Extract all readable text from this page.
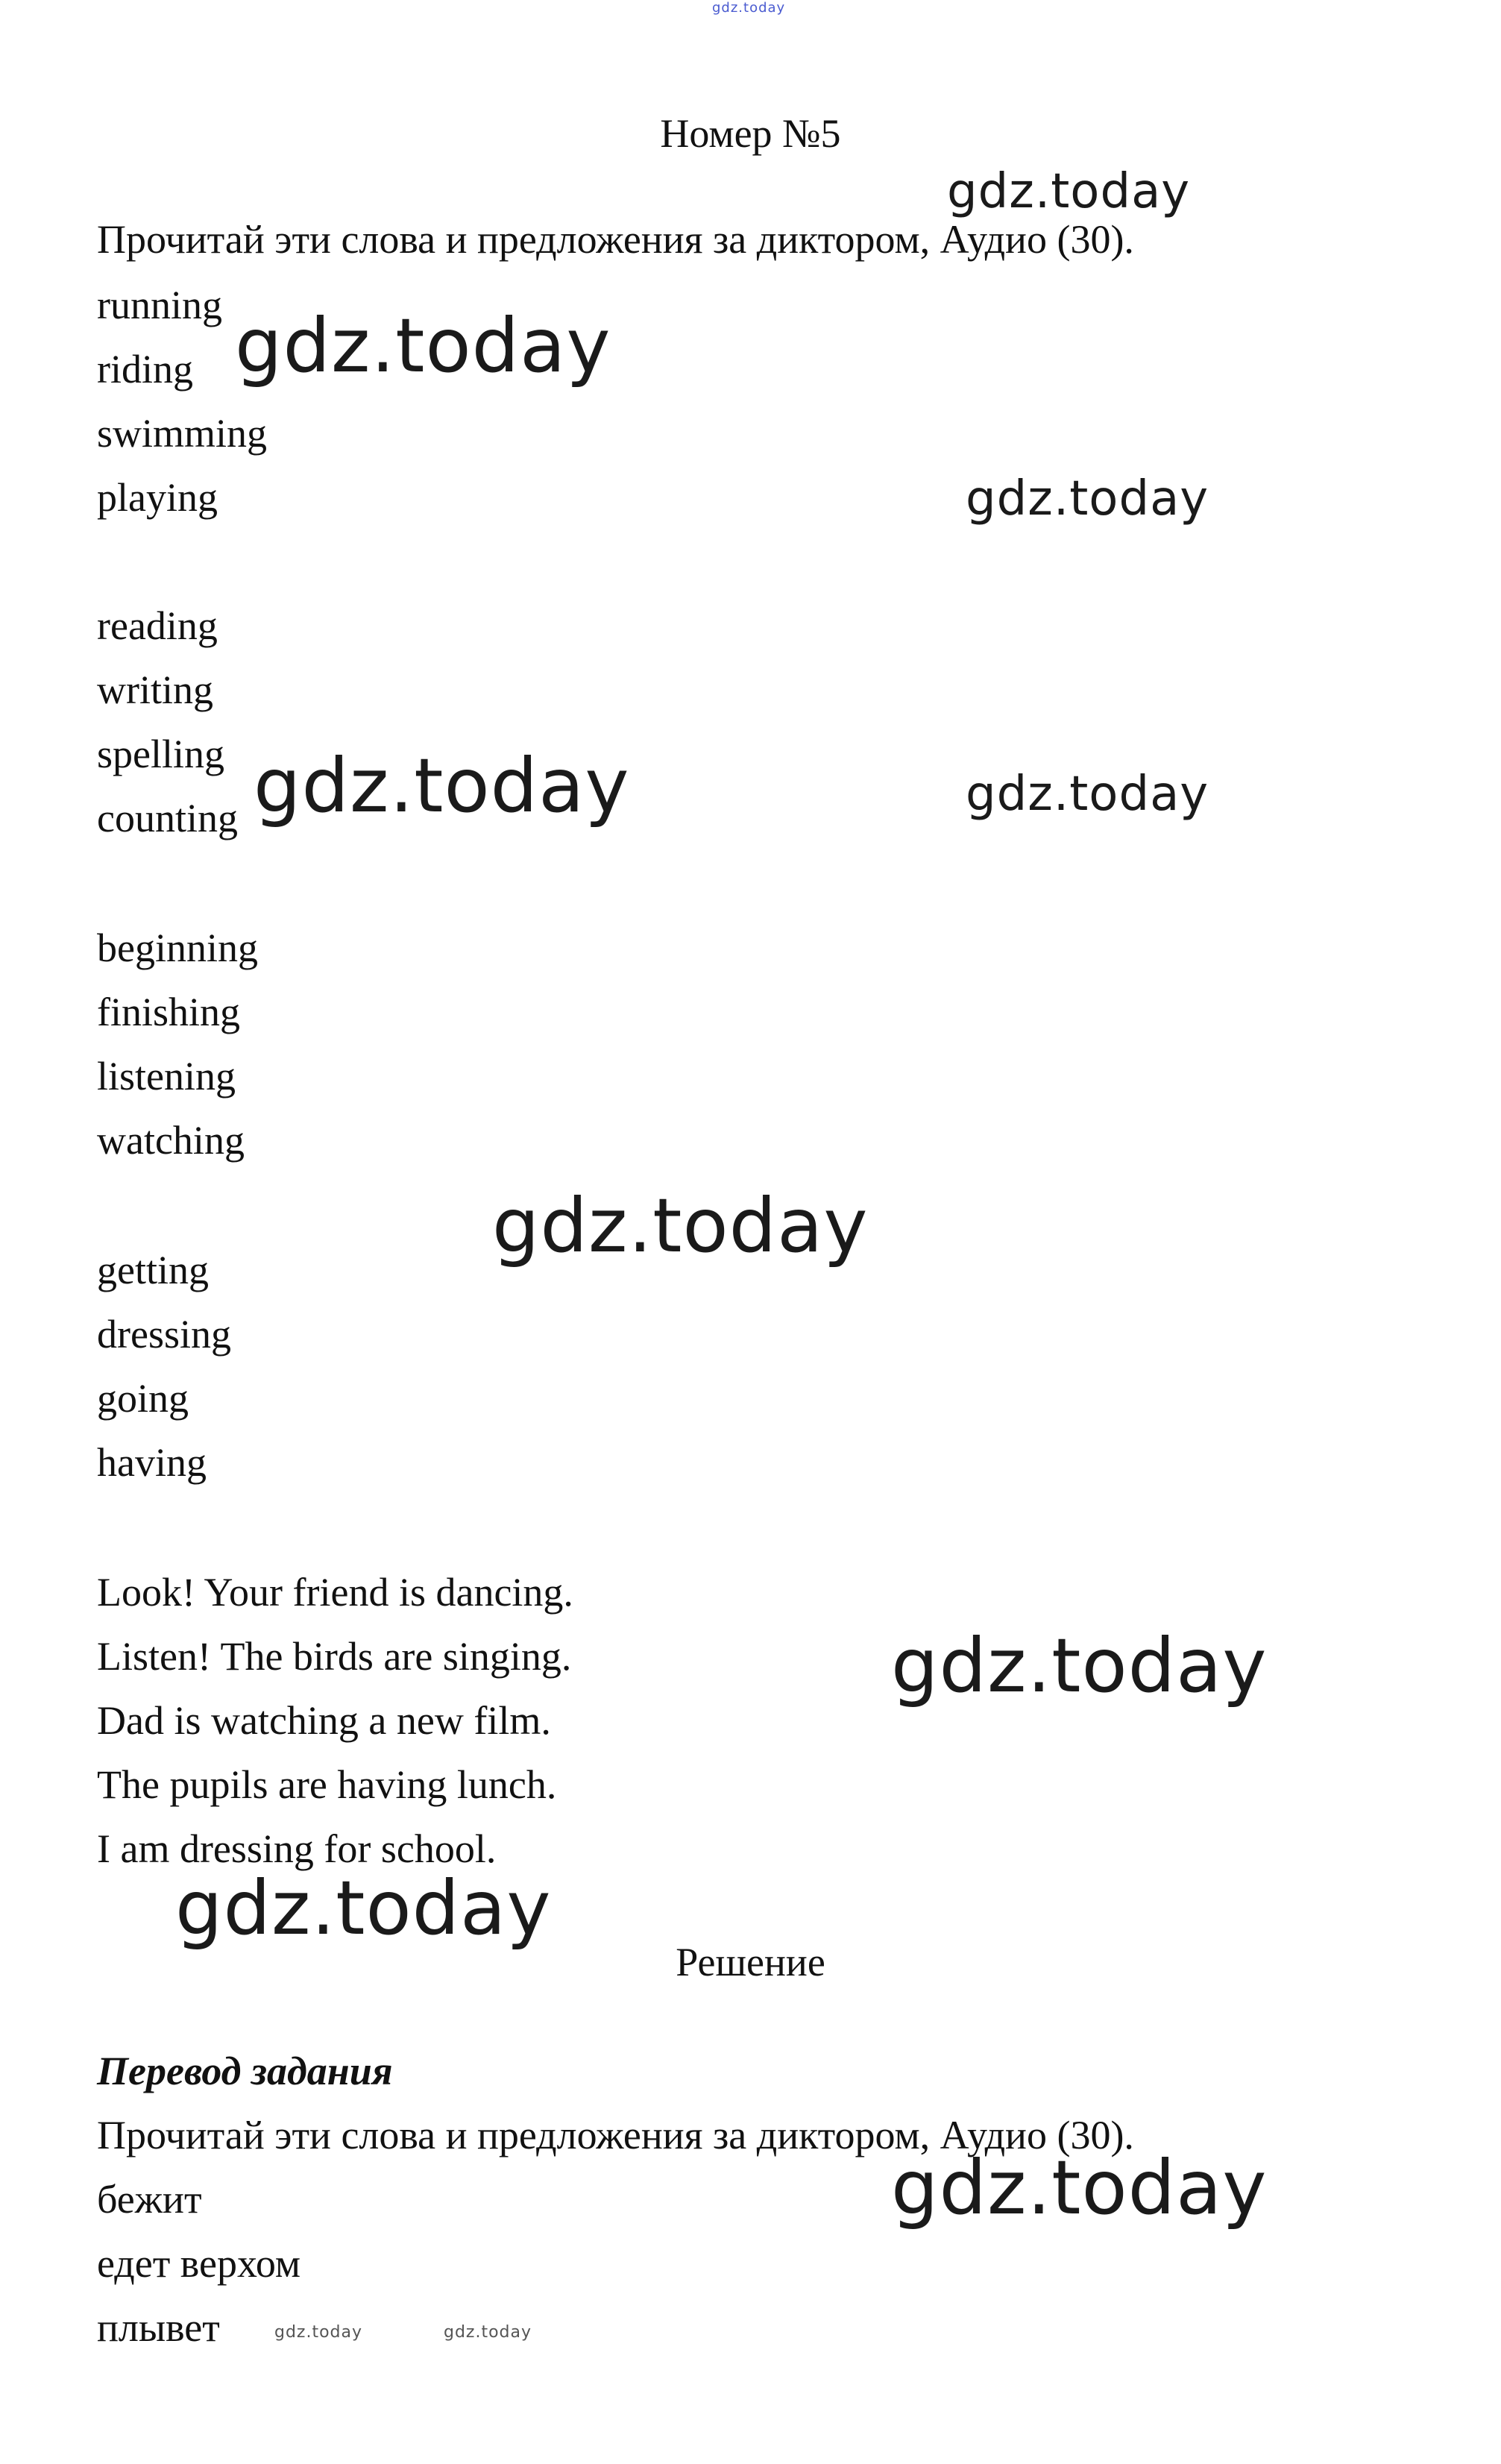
gdz.today
Номер №5
Прочитай эти слова и предложения за диктором, Аудио (30).
running
riding
swimming
playing
reading
writing
spelling
counting
beginning
finishing
listening
watching
getting
dressing
going
having
Look! Your friend is dancing.
Listen! The birds are singing.
Dad is watching a new film.
The pupils are having lunch.
I am dressing for school.
Решение
Перевод задания
Прочитай эти слова и предложения за диктором, Аудио (30).
бежит
едет верхом
плывет
gdz.today
gdz.today
gdz.today
gdz.today	gdz.today
gdz.today
gdz.today
gdz.today
gdz.today
gdz.today	gdz.today
